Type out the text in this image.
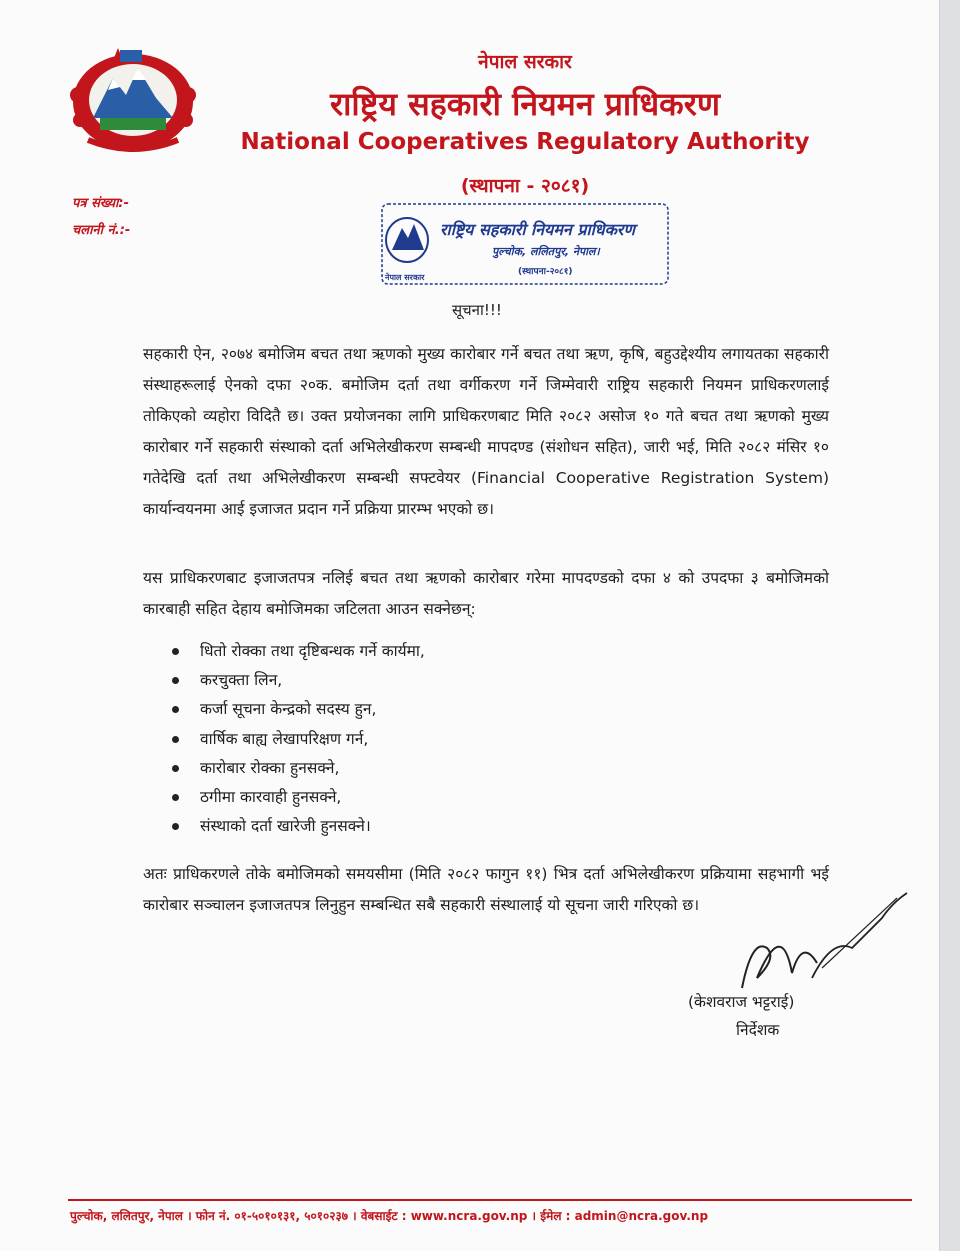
नेपाल सरकार
राष्ट्रिय सहकारी नियमन प्राधिकरण
National Cooperatives Regulatory Authority
(स्थापना - २०८१)
पत्र संख्या:-
चलानी नं.:-	राष्ट्रिय सहकारी नियमन प्राधिकरण
पुल्चोक, ललितपुर, नेपाल।
(स्थापना-२०८१)
नेपाल सरकार
सूचना!!!
सहकारी ऐन, २०७४ बमोजिम बचत तथा ऋणको मुख्य कारोबार गर्ने बचत तथा ऋण, कृषि, बहुउद्देश्यीय लगायतका सहकारी संस्थाहरूलाई ऐनको दफा २०क. बमोजिम दर्ता तथा वर्गीकरण गर्ने जिम्मेवारी राष्ट्रिय सहकारी नियमन प्राधिकरणलाई तोकिएको व्यहोरा विदितै छ। उक्त प्रयोजनका लागि प्राधिकरणबाट मिति २०८२ असोज १० गते बचत तथा ऋणको मुख्य कारोबार गर्ने सहकारी संस्थाको दर्ता अभिलेखीकरण सम्बन्धी मापदण्ड (संशोधन सहित), जारी भई, मिति २०८२ मंसिर १० गतेदेखि दर्ता तथा अभिलेखीकरण सम्बन्धी सफ्टवेयर (Financial Cooperative Registration System) कार्यान्वयनमा आई इजाजत प्रदान गर्ने प्रक्रिया प्रारम्भ भएको छ।
यस प्राधिकरणबाट इजाजतपत्र नलिई बचत तथा ऋणको कारोबार गरेमा मापदण्डको दफा ४ को उपदफा ३ बमोजिमको कारबाही सहित देहाय बमोजिमका जटिलता आउन सक्नेछन्:
धितो रोक्का तथा दृष्टिबन्धक गर्ने कार्यमा,
करचुक्ता लिन,
कर्जा सूचना केन्द्रको सदस्य हुन,
वार्षिक बाह्य लेखापरिक्षण गर्न,
कारोबार रोक्का हुनसक्ने,
ठगीमा कारवाही हुनसक्ने,
संस्थाको दर्ता खारेजी हुनसक्ने।
अतः प्राधिकरणले तोके बमोजिमको समयसीमा (मिति २०८२ फागुन ११) भित्र दर्ता अभिलेखीकरण प्रक्रियामा सहभागी भई कारोबार सञ्चालन इजाजतपत्र लिनुहुन सम्बन्धित सबै सहकारी संस्थालाई यो सूचना जारी गरिएको छ।
(केशवराज भट्टराई)
निर्देशक
पुल्चोक, ललितपुर, नेपाल । फोन नं. ०१-५०१०१३१, ५०१०२३७ । वेबसाईट : www.ncra.gov.np । ईमेल : admin@ncra.gov.np
